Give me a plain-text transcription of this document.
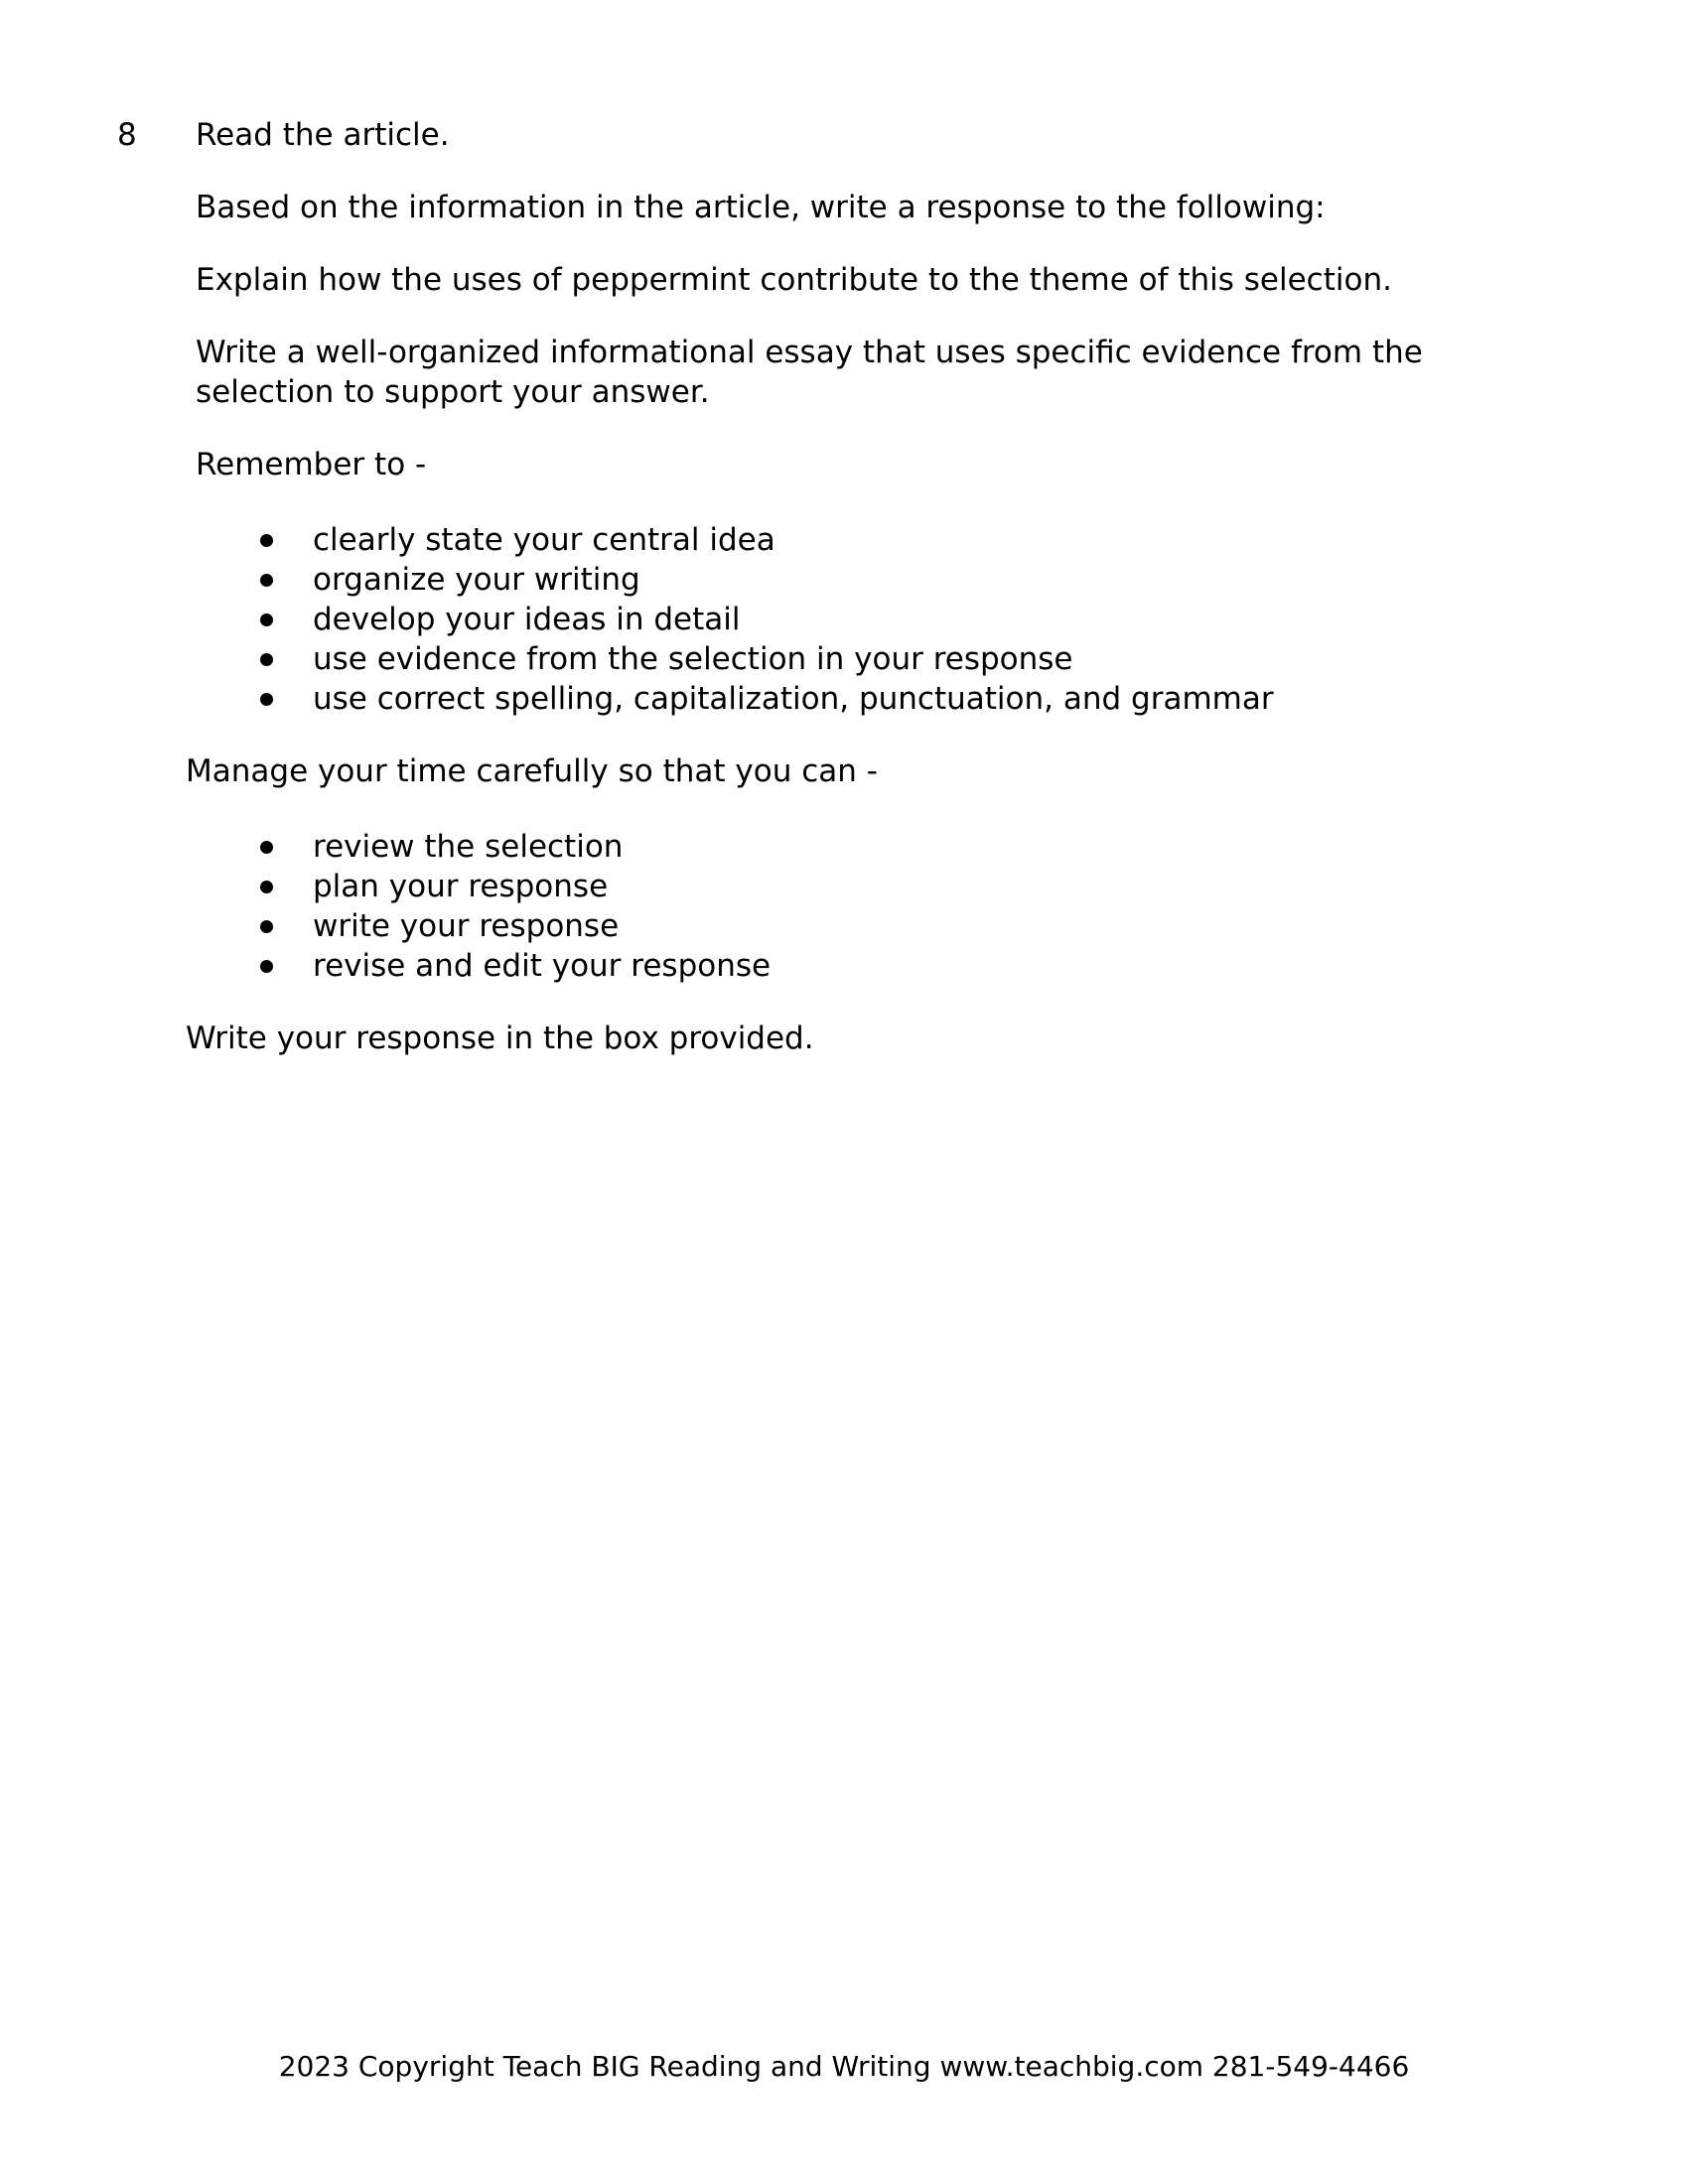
8	Read the article.

Based on the information in the article, write a response to the following:

Explain how the uses of peppermint contribute to the theme of this selection.

Write a well-organized informational essay that uses specific evidence from the selection to support your answer.

Remember to -

clearly state your central idea
organize your writing
develop your ideas in detail
use evidence from the selection in your response
use correct spelling, capitalization, punctuation, and grammar

Manage your time carefully so that you can -

review the selection
plan your response
write your response
revise and edit your response

Write your response in the box provided.

2023 Copyright Teach BIG Reading and Writing www.teachbig.com 281-549-4466
